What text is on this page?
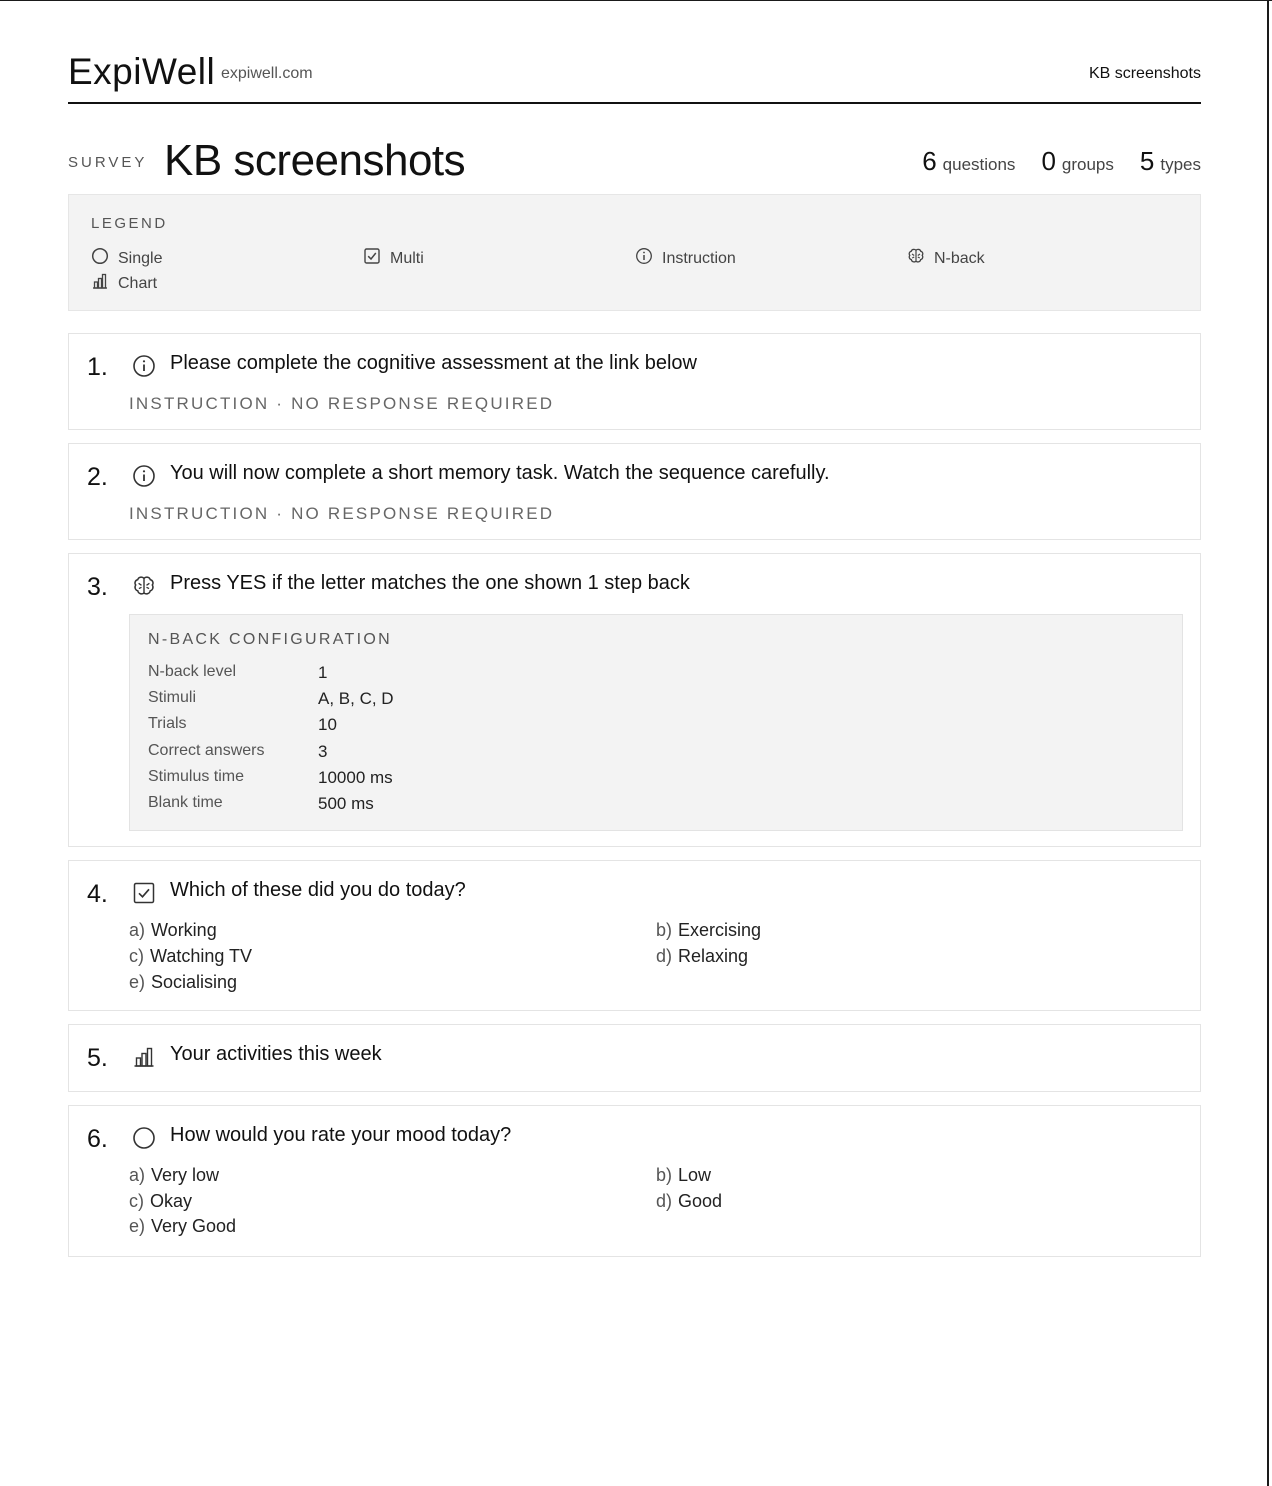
ExpiWell expiwell.com	KB screenshots
SURVEY KB screenshots	6 questions 0 groups 5 types
LEGEND
Single	Multi	Instruction	N-back
Chart
1.	Please complete the cognitive assessment at the link below
INSTRUCTION · NO RESPONSE REQUIRED
2.	You will now complete a short memory task. Watch the sequence carefully.
INSTRUCTION · NO RESPONSE REQUIRED
3.	Press YES if the letter matches the one shown 1 step back
N-BACK CONFIGURATION
N-back level	1
Stimuli	A, B, C, D
Trials	10
Correct answers	3
Stimulus time	10000 ms
Blank time	500 ms
4.	Which of these did you do today?
a) Working	b) Exercising
c) Watching TV	d) Relaxing
e) Socialising
5.	Your activities this week
6.	How would you rate your mood today?
a) Very low	b) Low
c) Okay	d) Good
e) Very Good
